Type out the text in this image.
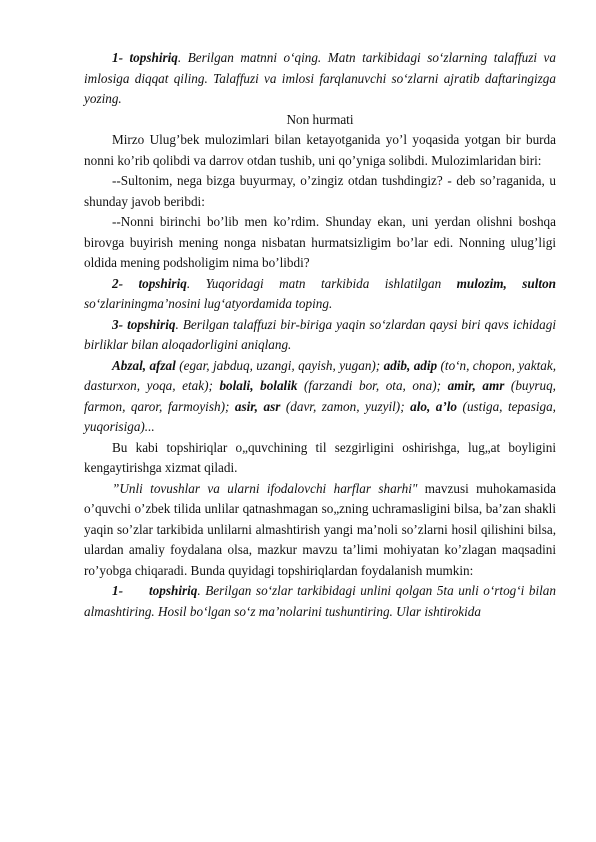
1- topshiriq. Berilgan matnni o‘qing. Matn tarkibidagi so‘zlarning talaffuzi va imlosiga diqqat qiling. Talaffuzi va imlosi farqlanuvchi so‘zlarni ajratib daftaringizga yozing.

Non hurmati

Mirzo Ulug’bek mulozimlari bilan ketayotganida yo’l yoqasida yotgan bir burda nonni ko’rib qolibdi va darrov otdan tushib, uni qo’yniga solibdi. Mulozimlaridan biri:

--Sultonim, nega bizga buyurmay, o’zingiz otdan tushdingiz? - deb so’raganida, u shunday javob beribdi:

--Nonni birinchi bo’lib men ko’rdim. Shunday ekan, uni yerdan olishni boshqa birovga buyirish mening nonga nisbatan hurmatsizligim bo’lar edi. Nonning ulug’ligi oldida mening podsholigim nima bo’libdi?

2- topshiriq. Yuqoridagi matn tarkibida ishlatilgan mulozim, sulton so‘zlariningma’nosini lug‘atyordamida toping.

3- topshiriq. Berilgan talaffuzi bir-biriga yaqin so‘zlardan qaysi biri qavs ichidagi birliklar bilan aloqadorligini aniqlang.

Abzal, afzal (egar, jabduq, uzangi, qayish, yugan); adib, adip (to‘n, chopon, yaktak, dasturxon, yoqa, etak); bolali, bolalik (farzandi bor, ota, ona); amir, amr (buyruq, farmon, qaror, farmoyish); asir, asr (davr, zamon, yuzyil); alo, a’lo (ustiga, tepasiga, yuqorisiga)...

Bu kabi topshiriqlar o„quvchining til sezgirligini oshirishga, lug„at boyligini kengaytirishga xizmat qiladi.

”Unli tovushlar va ularni ifodalovchi harflar sharhi" mavzusi muhokamasida o’quvchi o’zbek tilida unlilar qatnashmagan so„zning uchramasligini bilsa, ba’zan shakli yaqin so’zlar tarkibida unlilarni almashtirish yangi ma’noli so’zlarni hosil qilishini bilsa, ulardan amaliy foydalana olsa, mazkur mavzu ta’limi mohiyatan ko’zlagan maqsadini ro’yobga chiqaradi. Bunda quyidagi topshiriqlardan foydalanish mumkin:

1- topshiriq. Berilgan so‘zlar tarkibidagi unlini qolgan 5ta unli o‘rtog‘i bilan almashtiring. Hosil bo‘lgan so‘z ma’nolarini tushuntiring. Ular ishtirokida
